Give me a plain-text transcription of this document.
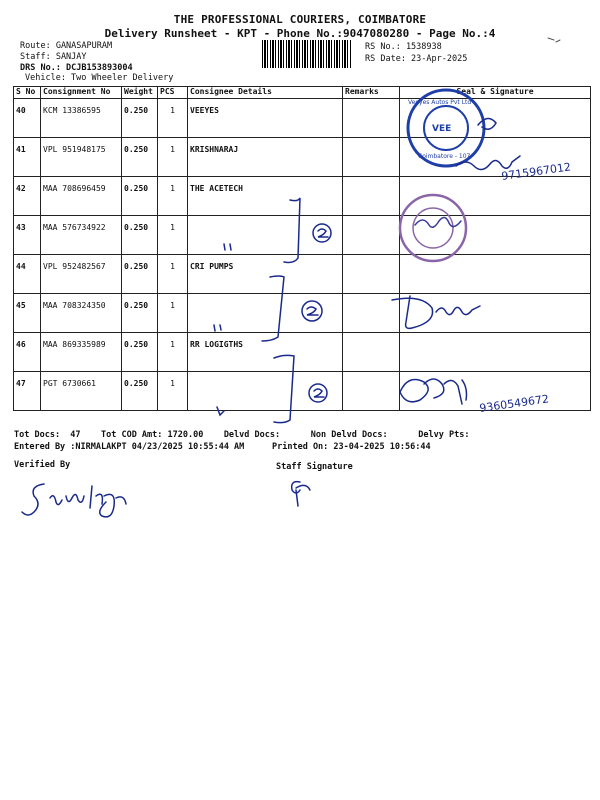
THE PROFESSIONAL COURIERS, COIMBATORE
Delivery Runsheet - KPT - Phone No.:9047080280 - Page No.:4
Route: GANASAPURAM
Staff: SANJAY
DRS No.: DCJB153893004
Vehicle: Two Wheeler Delivery
RS No.: 1538938
RS Date: 23-Apr-2025
S No	Consignment No	Weight	PCS	Consignee Details	Remarks	Seal & Signature
40	KCM 13386595	0.250	1	VEEYES		
41	VPL 951948175	0.250	1	KRISHNARAJ		
42	MAA 708696459	0.250	1	THE ACETECH		
43	MAA 576734922	0.250	1			
44	VPL 952482567	0.250	1	CRI PUMPS		
45	MAA 708324350	0.250	1			
46	MAA 869335989	0.250	1	RR LOGIGTHS		
47	PGT 6730661	0.250	1			
Tot Docs:  47    Tot COD Amt: 1720.00    Delvd Docs:      Non Delvd Docs:      Delvy Pts:
Entered By :NIRMALAKPT 04/23/2025 10:55:44 AM	Printed On: 23-04-2025 10:56:44
Verified By	Staff Signature
VEE
Coimbatore - 107
Veeyes Autos Pvt Ltd
9715967012
9360549672
